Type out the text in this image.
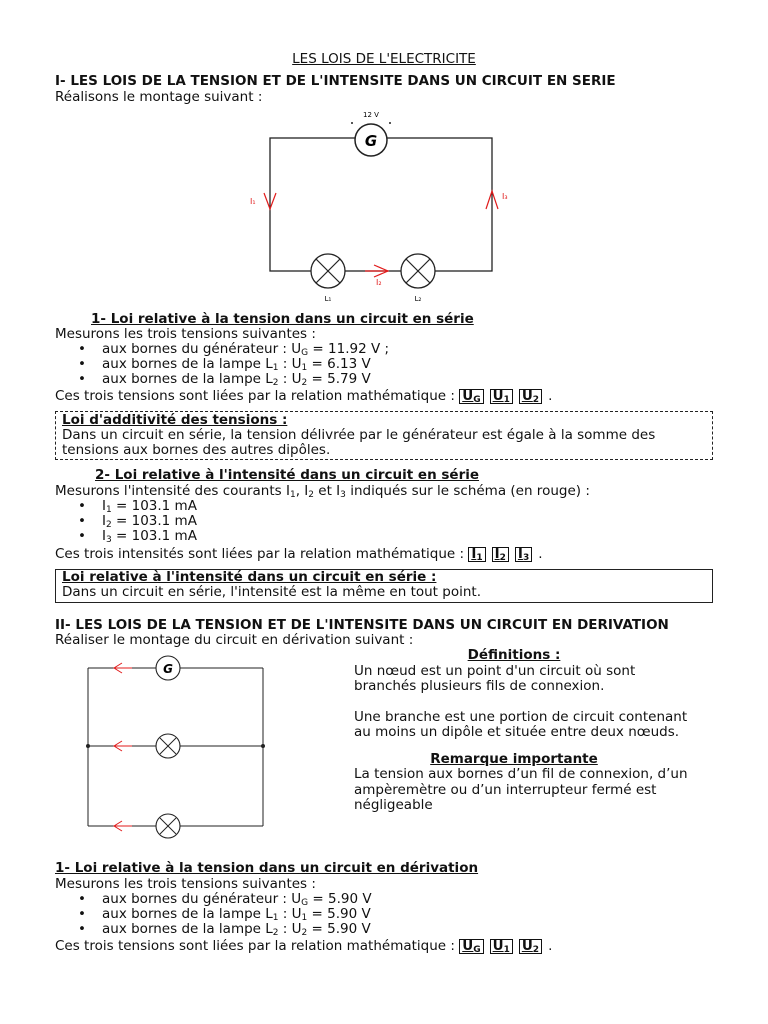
LES LOIS DE L'ELECTRICITE
I- LES LOIS DE LA TENSION ET DE L'INTENSITE DANS UN CIRCUIT EN SERIE
Réalisons le montage suivant :
G
12 V
L₁	L₂
I₁
I₃
I₂
1- Loi relative à la tension dans un circuit en série
Mesurons les trois tensions suivantes :
• aux bornes du générateur : $U_G = 11.92$ V ;
• aux bornes de la lampe $L_1$ : $U_1 = 6.13$ V
• aux bornes de la lampe $L_2$ : $U_2 = 5.79$ V
Ces trois tensions sont liées par la relation mathématique : $U_G$ $U_1$ $U_2$ .
Loi d'additivité des tensions :
Dans un circuit en série, la tension délivrée par le générateur est égale à la somme des
tensions aux bornes des autres dipôles.
2- Loi relative à l'intensité dans un circuit en série
Mesurons l'intensité des courants $I_1$, $I_2$ et $I_3$ indiqués sur le schéma (en rouge) :
• $I_1 = 103.1$ mA
• $I_2 = 103.1$ mA
• $I_3 = 103.1$ mA
Ces trois intensités sont liées par la relation mathématique : $I_1$ $I_2$ $I_3$ .
Loi relative à l'intensité dans un circuit en série :
Dans un circuit en série, l'intensité est la même en tout point.
II- LES LOIS DE LA TENSION ET DE L'INTENSITE DANS UN CIRCUIT EN DERIVATION
Réaliser le montage du circuit en dérivation suivant :
G
Définitions :
Un nœud est un point d'un circuit où sont
branchés plusieurs fils de connexion.
Une branche est une portion de circuit contenant
au moins un dipôle et située entre deux nœuds.
Remarque importante
La tension aux bornes d’un fil de connexion, d’un
ampèremètre ou d’un interrupteur fermé est
négligeable
1- Loi relative à la tension dans un circuit en dérivation
Mesurons les trois tensions suivantes :
• aux bornes du générateur : $U_G = 5.90$ V
• aux bornes de la lampe $L_1$ : $U_1 = 5.90$ V
• aux bornes de la lampe $L_2$ : $U_2 = 5.90$ V
Ces trois tensions sont liées par la relation mathématique : $U_G$ $U_1$ $U_2$ .
